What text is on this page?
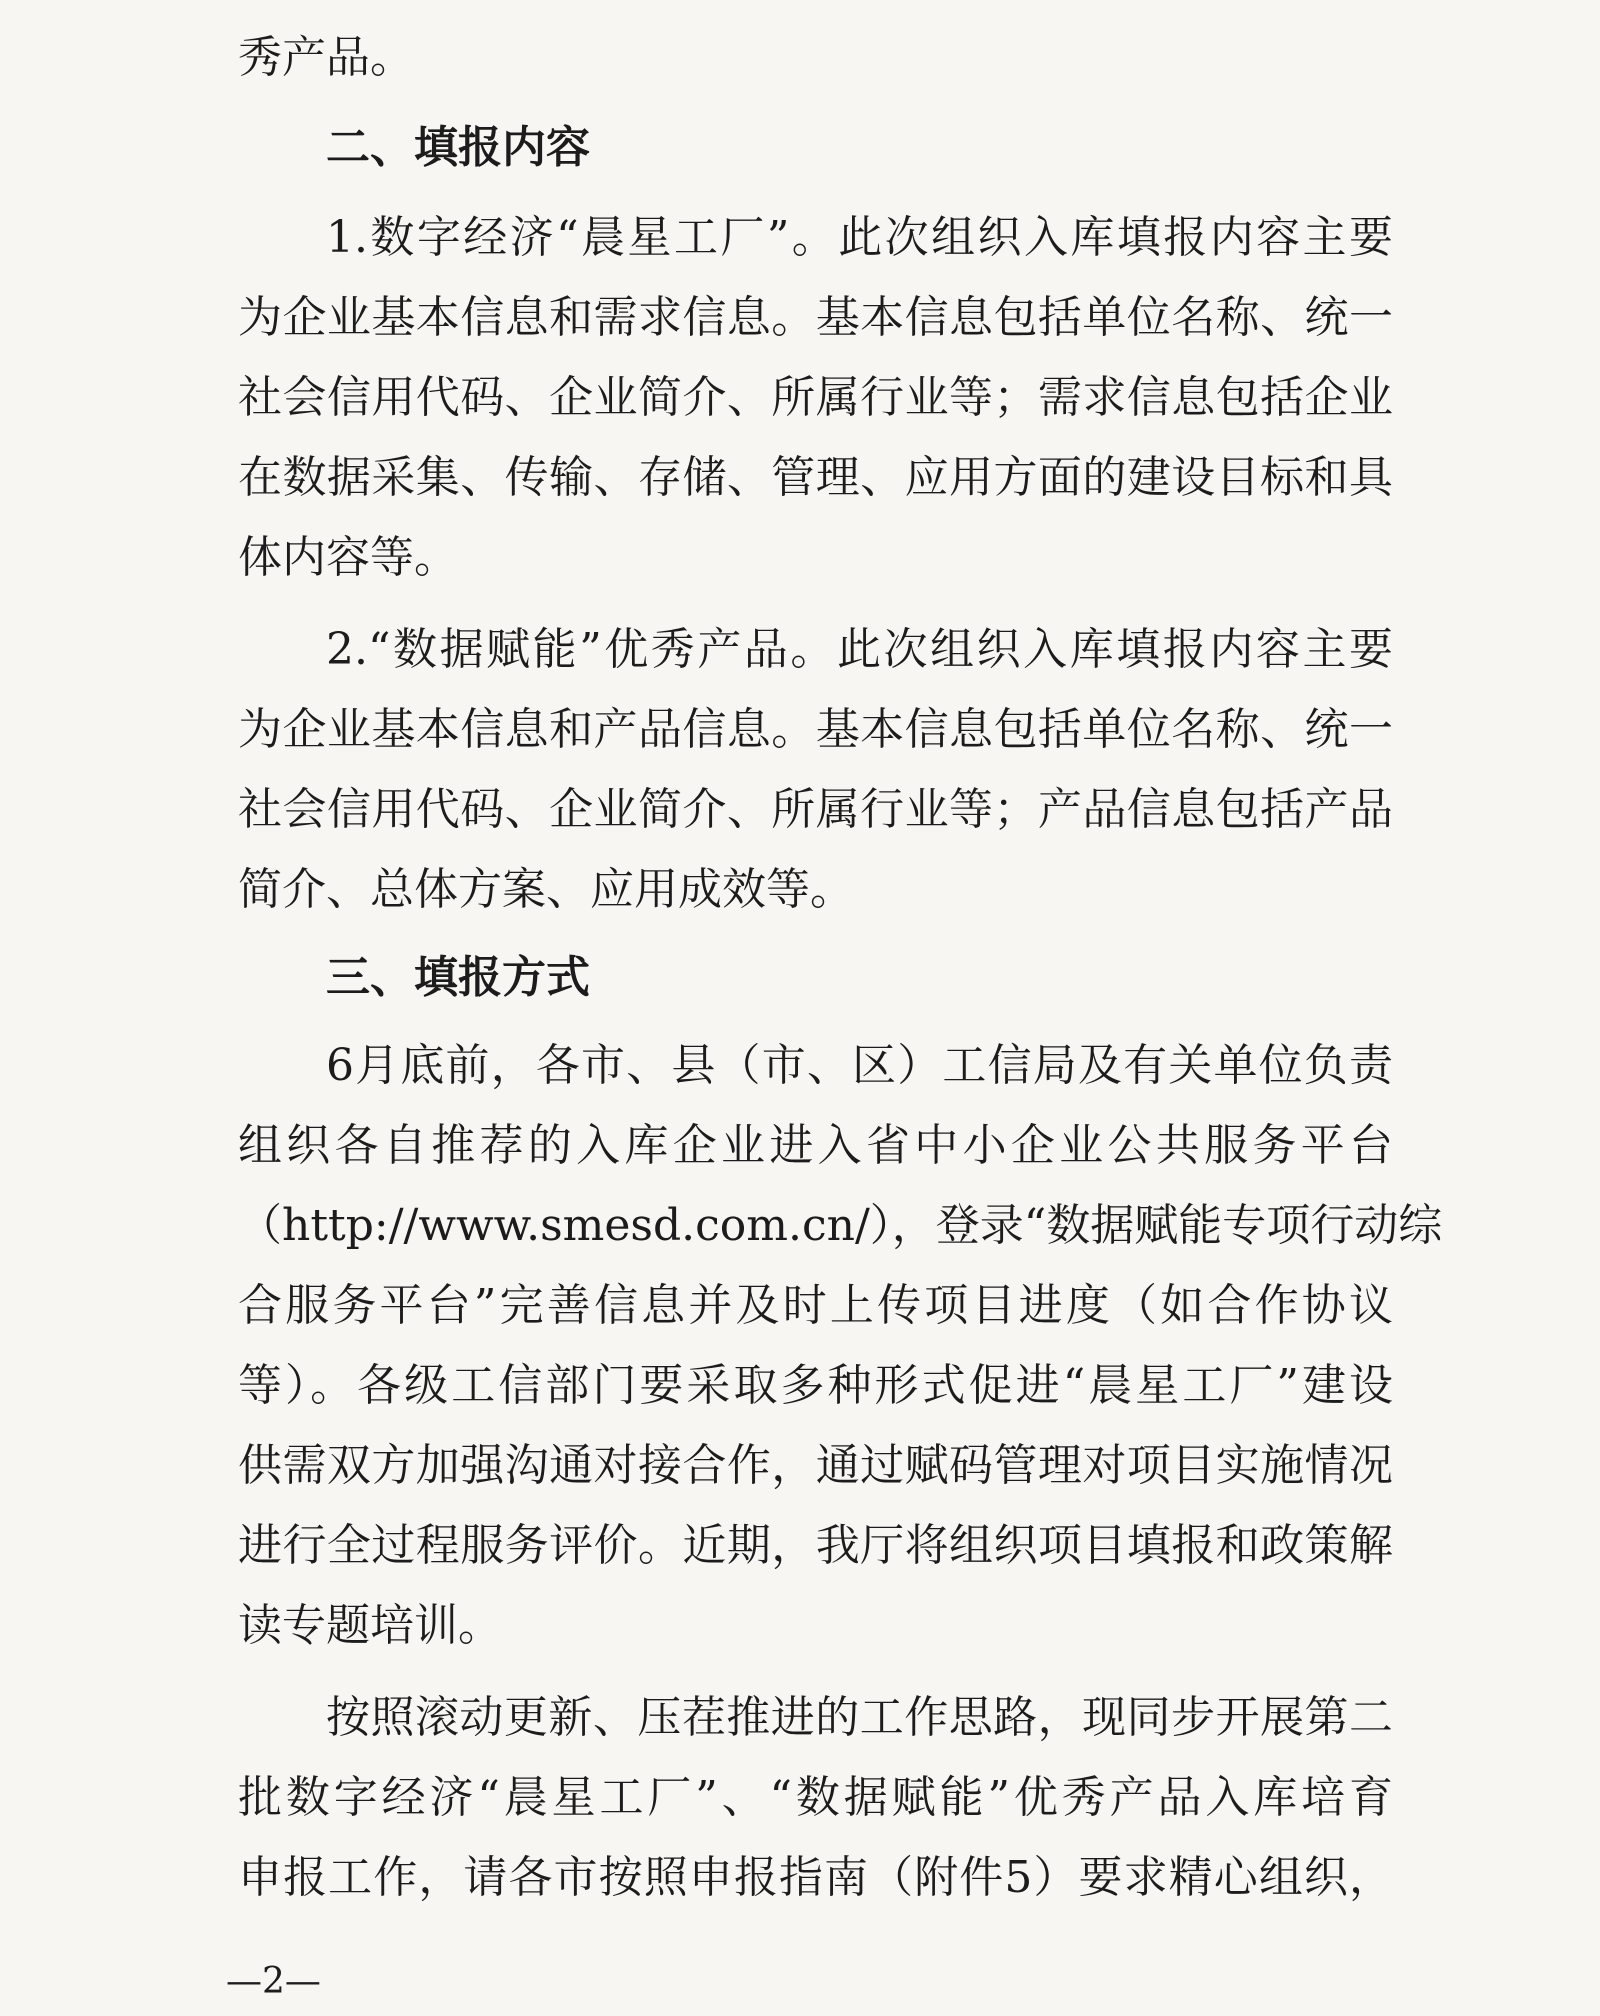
秀产品。
二、填报内容
1.数字经济“晨星工厂”。此次组织入库填报内容主要
为企业基本信息和需求信息。基本信息包括单位名称、统一
社会信用代码、企业简介、所属行业等；需求信息包括企业
在数据采集、传输、存储、管理、应用方面的建设目标和具
体内容等。
2.“数据赋能”优秀产品。此次组织入库填报内容主要
为企业基本信息和产品信息。基本信息包括单位名称、统一
社会信用代码、企业简介、所属行业等；产品信息包括产品
简介、总体方案、应用成效等。
三、填报方式
6月底前，各市、县（市、区）工信局及有关单位负责
组织各自推荐的入库企业进入省中小企业公共服务平台
（http://www.smesd.com.cn/），登录“数据赋能专项行动综
合服务平台”完善信息并及时上传项目进度（如合作协议
等）。各级工信部门要采取多种形式促进“晨星工厂”建设
供需双方加强沟通对接合作，通过赋码管理对项目实施情况
进行全过程服务评价。近期，我厅将组织项目填报和政策解
读专题培训。
按照滚动更新、压茬推进的工作思路，现同步开展第二
批数字经济“晨星工厂”、“数据赋能”优秀产品入库培育
申报工作，请各市按照申报指南（附件5）要求精心组织，
—2—
